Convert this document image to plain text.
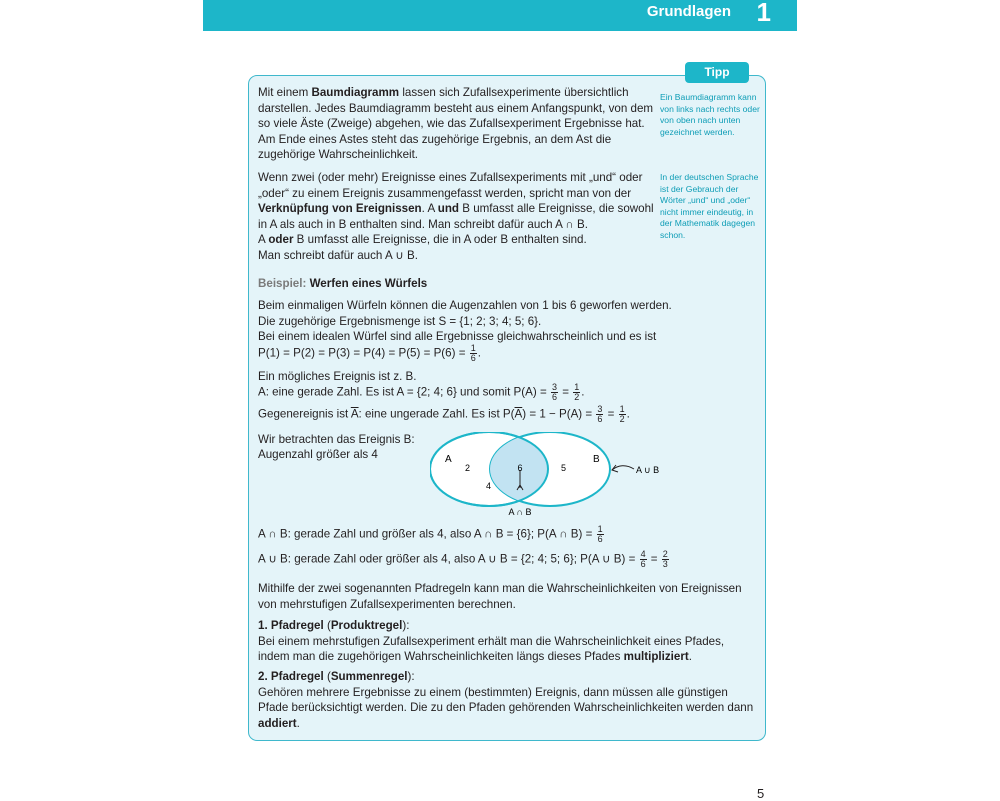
Grundlagen 1
Tipp
Ein Baumdiagramm kann von links nach rechts oder von oben nach unten gezeichnet werden.
In der deutschen Sprache ist der Gebrauch der Wörter „und“ und „oder“ nicht immer eindeutig, in der Mathematik dagegen schon.
Mit einem Baumdiagramm lassen sich Zufallsexperimente übersichtlich darstellen. Jedes Baumdiagramm besteht aus einem Anfangspunkt, von dem so viele Äste (Zweige) abgehen, wie das Zufallsexperiment Ergebnisse hat. Am Ende eines Astes steht das zugehörige Ergebnis, an dem Ast die zugehörige Wahrscheinlichkeit.
Wenn zwei (oder mehr) Ereignisse eines Zufallsexperiments mit „und“ oder „oder“ zu einem Ereignis zusammengefasst werden, spricht man von der Verknüpfung von Ereignissen. A und B umfasst alle Ereignisse, die sowohl in A als auch in B enthalten sind. Man schreibt dafür auch A ∩ B.
A oder B umfasst alle Ereignisse, die in A oder B enthalten sind.
Man schreibt dafür auch A ∪ B.
Beispiel: Werfen eines Würfels
Beim einmaligen Würfeln können die Augenzahlen von 1 bis 6 geworfen werden.
Die zugehörige Ergebnismenge ist S = {1; 2; 3; 4; 5; 6}.
Bei einem idealen Würfel sind alle Ergebnisse gleichwahrscheinlich und es ist
$P(1) = P(2) = P(3) = P(4) = P(5) = P(6) = \frac{1}{6}$ .
Ein mögliches Ereignis ist z. B.
A: eine gerade Zahl. Es ist A = {2; 4; 6} und somit $P(A) = \frac{3}{6} = \frac{1}{2}$ .
Gegenereignis ist $\overline{A}$: eine ungerade Zahl. Es ist $P(\overline{A}) = 1 - P(A) = \frac{3}{6} = \frac{1}{2}$ .
Wir betrachten das Ereignis B:
Augenzahl größer als 4	A	B
2
4
5
6	A ∪ B
A ∩ B
A ∩ B: gerade Zahl und größer als 4, also A ∩ B = {6}; P(A ∩ $B) = \frac{1}{6}$
A ∪ B: gerade Zahl oder größer als 4, also A ∪ B = {2; 4; 5; 6}; P(A ∪ $B) = \frac{4}{6} = \frac{2}{3}$
Mithilfe der zwei sogenannten Pfadregeln kann man die Wahrscheinlichkeiten von Ereignissen von mehrstufigen Zufallsexperimenten berechnen.
1. Pfadregel (Produktregel):
Bei einem mehrstufigen Zufallsexperiment erhält man die Wahrscheinlichkeit eines Pfades, indem man die zugehörigen Wahrscheinlichkeiten längs dieses Pfades multipliziert.
2. Pfadregel (Summenregel):
Gehören mehrere Ergebnisse zu einem (bestimmten) Ereignis, dann müssen alle günstigen Pfade berücksichtigt werden. Die zu den Pfaden gehörenden Wahrscheinlichkeiten werden dann addiert.
5
